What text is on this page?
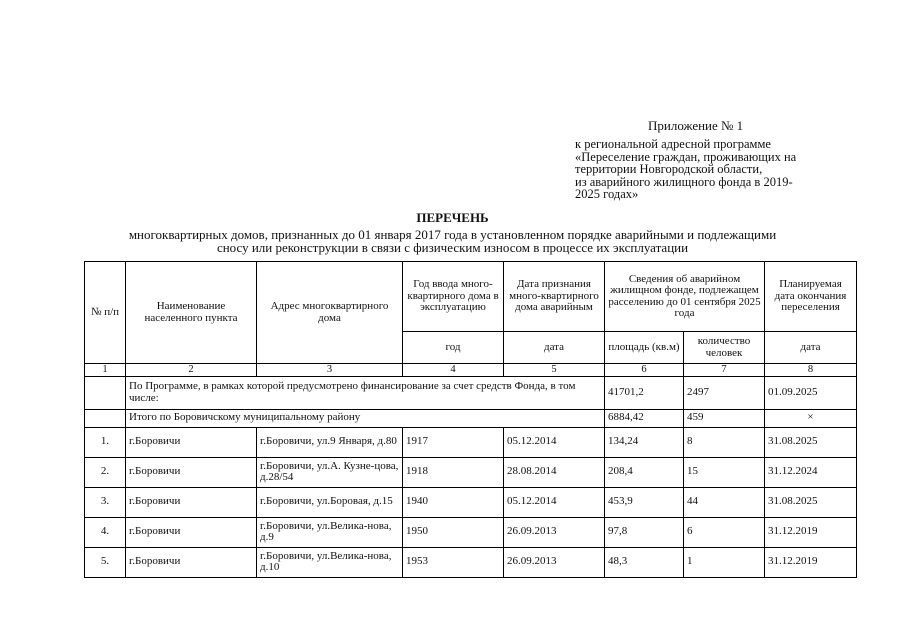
Приложение № 1
к региональной адресной программе
«Переселение граждан, проживающих на
территории Новгородской области,
из аварийного жилищного фонда в 2019-
2025 годах»
ПЕРЕЧЕНЬ
многоквартирных домов, признанных до 01 января 2017 года в установленном порядке аварийными и подлежащими
сносу или реконструкции в связи с физическим износом в процессе их эксплуатации
№ п/п	Наименование населенного пункта	Адрес многоквартирного дома	Год ввода много-квартирного дома в эксплуатацию	Дата признания много-квартирного дома аварийным	Сведения об аварийном жилищном фонде, подлежащем расселению до 01 сентября 2025 года		Планируемая дата окончания переселения
			год	дата	площадь (кв.м)	количество человек	дата
1	2	3	4	5	6	7	8
	По Программе, в рамках которой предусмотрено финансирование за счет средств Фонда, в том числе:				41701,2	2497	01.09.2025
	Итого по Боровичскому муниципальному району				6884,42	459	×
1.	г.Боровичи	г.Боровичи, ул.9 Января, д.80	1917	05.12.2014	134,24	8	31.08.2025
2.	г.Боровичи	г.Боровичи, ул.А. Кузне-цова, д.28/54	1918	28.08.2014	208,4	15	31.12.2024
3.	г.Боровичи	г.Боровичи, ул.Боровая, д.15	1940	05.12.2014	453,9	44	31.08.2025
4.	г.Боровичи	г.Боровичи, ул.Велика-нова, д.9	1950	26.09.2013	97,8	6	31.12.2019
5.	г.Боровичи	г.Боровичи, ул.Велика-нова, д.10	1953	26.09.2013	48,3	1	31.12.2019
